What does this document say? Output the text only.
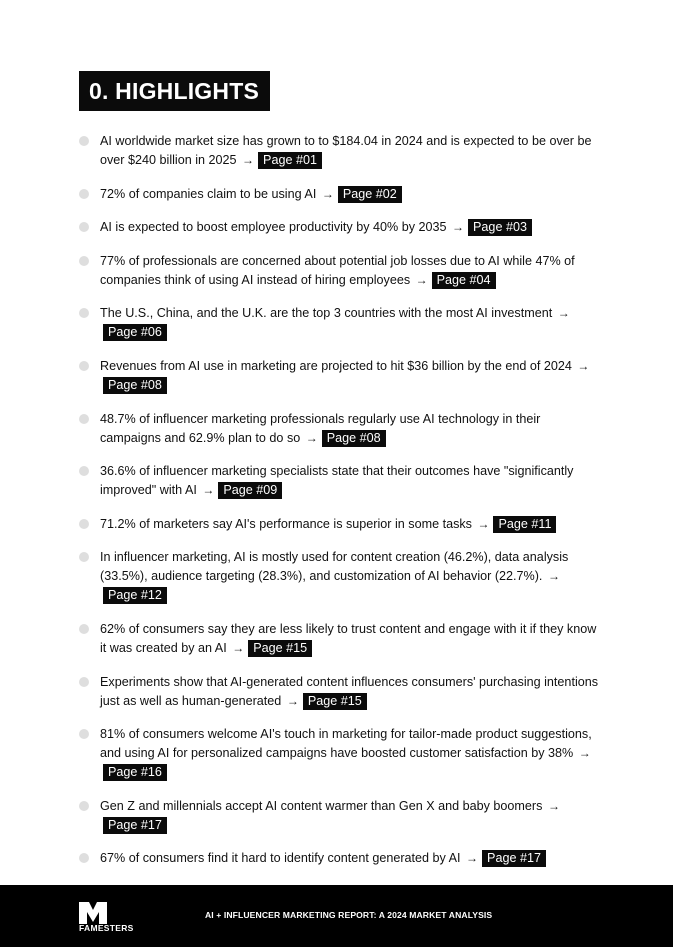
0. HIGHLIGHTS
AI worldwide market size has grown to to $184.04 in 2024 and is expected to be over be over $240 billion in 2025 → Page #01
72% of companies claim to be using AI → Page #02
AI is expected to boost employee productivity by 40% by 2035 → Page #03
77% of professionals are concerned about potential job losses due to AI while 47% of companies think of using AI instead of hiring employees → Page #04
The U.S., China, and the U.K. are the top 3 countries with the most AI investment →Page #06
Revenues from AI use in marketing are projected to hit $36 billion by the end of 2024 →Page #08
48.7% of influencer marketing professionals regularly use AI technology in their campaigns and 62.9% plan to do so → Page #08
36.6% of influencer marketing specialists state that their outcomes have "significantly improved" with AI → Page #09
71.2% of marketers say AI's performance is superior in some tasks → Page #11
In influencer marketing, AI is mostly used for content creation (46.2%), data analysis (33.5%), audience targeting (28.3%), and customization of AI behavior (22.7%). →Page #12
62% of consumers say they are less likely to trust content and engage with it if they know it was created by an AI → Page #15
Experiments show that AI-generated content influences consumers' purchasing intentions just as well as human-generated → Page #15
81% of consumers welcome AI's touch in marketing for tailor-made product suggestions, and using AI for personalized campaigns have boosted customer satisfaction by 38% →Page #16
Gen Z and millennials accept AI content warmer than Gen X and baby boomers →Page #17
67% of consumers find it hard to identify content generated by AI → Page #17
FAMESTERS
AI + INFLUENCER MARKETING REPORT: A 2024 MARKET ANALYSIS
